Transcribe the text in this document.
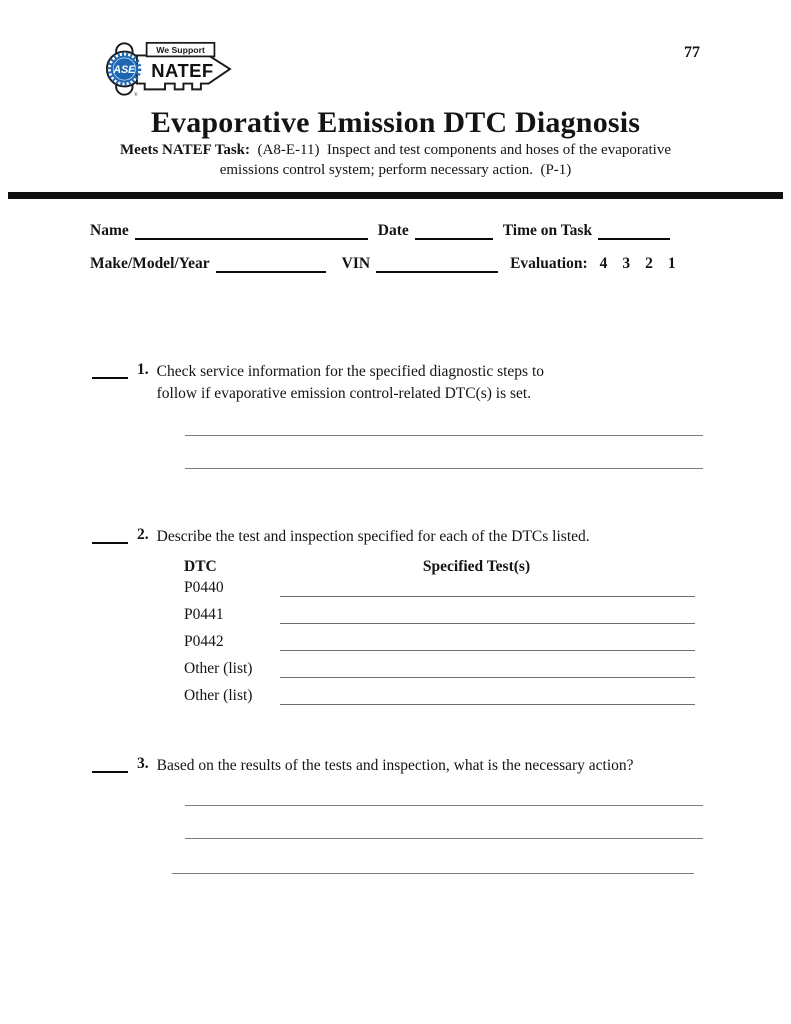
We Support
NATEF
ASE
®
77
Evaporative Emission DTC Diagnosis
Meets NATEF Task:  (A8-E-11)  Inspect and test components and hoses of the evaporative
emissions control system; perform necessary action.  (P-1)
Name	Date	Time on Task
Make/Model/Year	VIN	Evaluation: 4 3 2 1
1. Check service information for the specified diagnostic steps to
follow if evaporative emission control-related DTC(s) is set.
2. Describe the test and inspection specified for each of the DTCs listed.
DTC	Specified Test(s)
P0440
P0441
P0442
Other (list)
Other (list)
3. Based on the results of the tests and inspection, what is the necessary action?
